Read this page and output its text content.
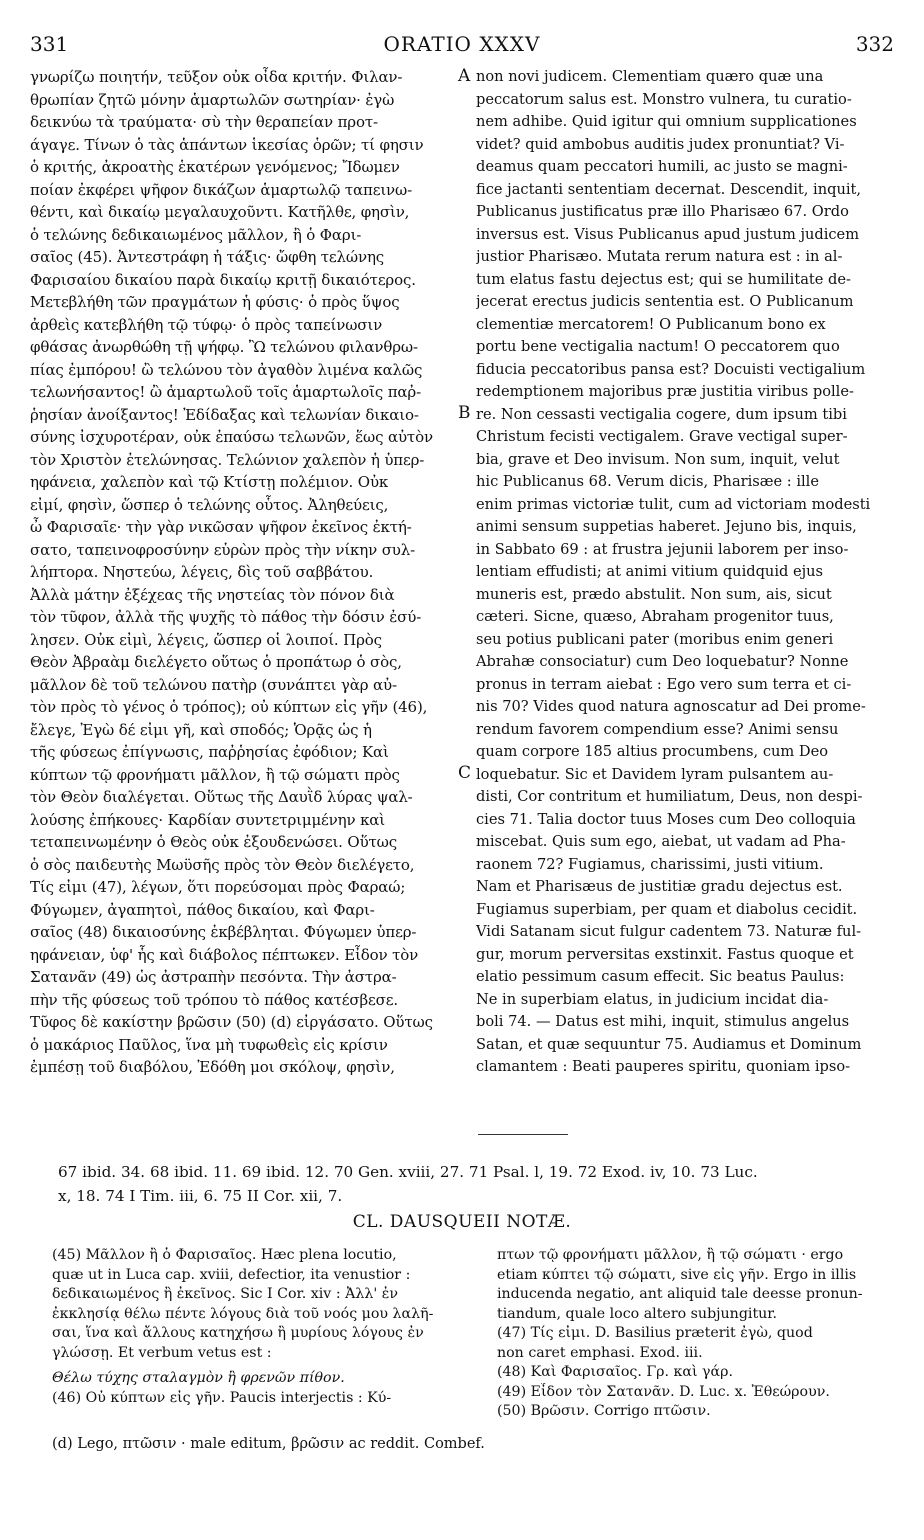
331	ORATIO XXXV	332
γνωρίζω ποιητήν, τεῦξον οὐκ οἶδα κριτήν. Φιλαν-
θρωπίαν ζητῶ μόνην ἁμαρτωλῶν σωτηρίαν· ἐγὼ
δεικνύω τὰ τραύματα· σὺ τὴν θεραπείαν προτ-
άγαγε. Τίνων ὁ τὰς ἁπάντων ἱκεσίας ὁρῶν; τί φησιν
ὁ κριτής, ἀκροατὴς ἑκατέρων γενόμενος; Ἴδωμεν
ποίαν ἐκφέρει ψῆφον δικάζων ἁμαρτωλῷ ταπεινω-
θέντι, καὶ δικαίῳ μεγαλαυχοῦντι. Κατῆλθε, φησὶν,
ὁ τελώνης δεδικαιωμένος μᾶλλον, ἢ ὁ Φαρι-
σαῖος (45). Ἀντεστράφη ἡ τάξις· ὤφθη τελώνης
Φαρισαίου δικαίου παρὰ δικαίῳ κριτῇ δικαιότερος.
Μετεβλήθη τῶν πραγμάτων ἡ φύσις· ὁ πρὸς ὕψος
ἀρθεὶς κατεβλήθη τῷ τύφῳ· ὁ πρὸς ταπείνωσιν
φθάσας ἀνωρθώθη τῇ ψήφῳ. Ὢ τελώνου φιλανθρω-
πίας ἐμπόρου! ὢ τελώνου τὸν ἀγαθὸν λιμένα καλῶς
τελωνήσαντος! ὢ ἁμαρτωλοῦ τοῖς ἁμαρτωλοῖς παῤ-
ῥησίαν ἀνοίξαντος! Ἐδίδαξας καὶ τελωνίαν δικαιο-
σύνης ἰσχυροτέραν, οὐκ ἐπαύσω τελωνῶν, ἕως αὐτὸν
τὸν Χριστὸν ἐτελώνησας. Τελώνιον χαλεπὸν ἡ ὑπερ-
ηφάνεια, χαλεπὸν καὶ τῷ Κτίστῃ πολέμιον. Οὐκ
εἰμί, φησὶν, ὥσπερ ὁ τελώνης οὗτος. Ἀληθεύεις,
ὦ Φαρισαῖε· τὴν γὰρ νικῶσαν ψῆφον ἐκεῖνος ἐκτή-
σατο, ταπεινοφροσύνην εὑρὼν πρὸς τὴν νίκην συλ-
λήπτορα. Νηστεύω, λέγεις, δὶς τοῦ σαββάτου.
Ἀλλὰ μάτην ἐξέχεας τῆς νηστείας τὸν πόνον διὰ
τὸν τῦφον, ἀλλὰ τῆς ψυχῆς τὸ πάθος τὴν δόσιν ἐσύ-
λησεν. Οὐκ εἰμὶ, λέγεις, ὥσπερ οἱ λοιποί. Πρὸς
Θεὸν Ἀβραὰμ διελέγετο οὕτως ὁ προπάτωρ ὁ σὸς,
μᾶλλον δὲ τοῦ τελώνου πατὴρ (συνάπτει γὰρ αὐ-
τὸν πρὸς τὸ γένος ὁ τρόπος); οὐ κύπτων εἰς γῆν (46),
ἔλεγε, Ἐγὼ δέ εἰμι γῆ, καὶ σποδός; Ὁρᾷς ὡς ἡ
τῆς φύσεως ἐπίγνωσις, παῤῥησίας ἐφόδιον; Καὶ
κύπτων τῷ φρονήματι μᾶλλον, ἢ τῷ σώματι πρὸς
τὸν Θεὸν διαλέγεται. Οὕτως τῆς Δαυῒδ λύρας ψαλ-
λούσης ἐπήκουες· Καρδίαν συντετριμμένην καὶ
τεταπεινωμένην ὁ Θεὸς οὐκ ἐξουδενώσει. Οὕτως
ὁ σὸς παιδευτὴς Μωϋσῆς πρὸς τὸν Θεὸν διελέγετο,
Τίς εἰμι (47), λέγων, ὅτι πορεύσομαι πρὸς Φαραώ;
Φύγωμεν, ἀγαπητοὶ, πάθος δικαίου, καὶ Φαρι-
σαῖος (48) δικαιοσύνης ἐκβέβληται. Φύγωμεν ὑπερ-
ηφάνειαν, ὑφ' ἧς καὶ διάβολος πέπτωκεν. Εἶδον τὸν
Σατανᾶν (49) ὡς ἀστραπὴν πεσόντα. Τὴν ἀστρα-
πὴν τῆς φύσεως τοῦ τρόπου τὸ πάθος κατέσβεσε.
Τῦφος δὲ κακίστην βρῶσιν (50) (d) εἰργάσατο. Οὕτως
ὁ μακάριος Παῦλος, ἵνα μὴ τυφωθεὶς εἰς κρίσιν
ἐμπέσῃ τοῦ διαβόλου, Ἐδόθη μοι σκόλοψ, φησὶν,
non novi judicem. Clementiam quæro quæ una
peccatorum salus est. Monstro vulnera, tu curatio-
nem adhibe. Quid igitur qui omnium supplicationes
videt? quid ambobus auditis judex pronuntiat? Vi-
deamus quam peccatori humili, ac justo se magni-
fice jactanti sententiam decernat. Descendit, inquit,
Publicanus justificatus præ illo Pharisæo 67. Ordo
inversus est. Visus Publicanus apud justum judicem
justior Pharisæo. Mutata rerum natura est : in al-
tum elatus fastu dejectus est; qui se humilitate de-
jecerat erectus judicis sententia est. O Publicanum
clementiæ mercatorem! O Publicanum bono ex
portu bene vectigalia nactum! O peccatorem quo
fiducia peccatoribus pansa est? Docuisti vectigalium
redemptionem majoribus præ justitia viribus polle-
re. Non cessasti vectigalia cogere, dum ipsum tibi
Christum fecisti vectigalem. Grave vectigal super-
bia, grave et Deo invisum. Non sum, inquit, velut
hic Publicanus 68. Verum dicis, Pharisæe : ille
enim primas victoriæ tulit, cum ad victoriam modesti
animi sensum suppetias haberet. Jejuno bis, inquis,
in Sabbato 69 : at frustra jejunii laborem per inso-
lentiam effudisti; at animi vitium quidquid ejus
muneris est, prædo abstulit. Non sum, ais, sicut
cæteri. Sicne, quæso, Abraham progenitor tuus,
seu potius publicani pater (moribus enim generi
Abrahæ consociatur) cum Deo loquebatur? Nonne
pronus in terram aiebat : Ego vero sum terra et ci-
nis 70? Vides quod natura agnoscatur ad Dei prome-
rendum favorem compendium esse? Animi sensu
quam corpore 185 altius procumbens, cum Deo
loquebatur. Sic et Davidem lyram pulsantem au-
disti, Cor contritum et humiliatum, Deus, non despi-
cies 71. Talia doctor tuus Moses cum Deo colloquia
miscebat. Quis sum ego, aiebat, ut vadam ad Pha-
raonem 72? Fugiamus, charissimi, justi vitium.
Nam et Pharisæus de justitiæ gradu dejectus est.
Fugiamus superbiam, per quam et diabolus cecidit.
Vidi Satanam sicut fulgur cadentem 73. Naturæ ful-
gur, morum perversitas exstinxit. Fastus quoque et
elatio pessimum casum effecit. Sic beatus Paulus:
Ne in superbiam elatus, in judicium incidat dia-
boli 74. — Datus est mihi, inquit, stimulus angelus
Satan, et quæ sequuntur 75. Audiamus et Dominum
clamantem : Beati pauperes spiritu, quoniam ipso-
A
B
C
67 ibid. 34. 68 ibid. 11. 69 ibid. 12. 70 Gen. xviii, 27. 71 Psal. l, 19. 72 Exod. iv, 10. 73 Luc.
x, 18. 74 I Tim. iii, 6. 75 II Cor. xii, 7.
CL. DAUSQUEII NOTÆ.
(45) Μᾶλλον ἢ ὁ Φαρισαῖος. Hæc plena locutio,
quæ ut in Luca cap. xviii, defectior, ita venustior :
δεδικαιωμένος ἢ ἐκεῖνος. Sic I Cor. xiv : Ἀλλ' ἐν
ἐκκλησίᾳ θέλω πέντε λόγους διὰ τοῦ νοός μου λαλῆ-
σαι, ἵνα καὶ ἄλλους κατηχήσω ἢ μυρίους λόγους ἐν
γλώσσῃ. Et verbum vetus est :
Θέλω τύχης σταλαγμὸν ἢ φρενῶν πίθον.
(46) Οὐ κύπτων εἰς γῆν. Paucis interjectis : Κύ-
πτων τῷ φρονήματι μᾶλλον, ἢ τῷ σώματι · ergo
etiam κύπτει τῷ σώματι, sive εἰς γῆν. Ergo in illis
inducenda negatio, ant aliquid tale deesse pronun-
tiandum, quale loco altero subjungitur.
(47) Τίς εἰμι. D. Basilius præterit ἐγὼ, quod
non caret emphasi. Exod. iii.
(48) Καὶ Φαρισαῖος. Γρ. καὶ γάρ.
(49) Εἶδον τὸν Σατανᾶν. D. Luc. x. Ἐθεώρουν.
(50) Βρῶσιν. Corrigo πτῶσιν.
(d) Lego, πτῶσιν · male editum, βρῶσιν ac reddit. Combef.
